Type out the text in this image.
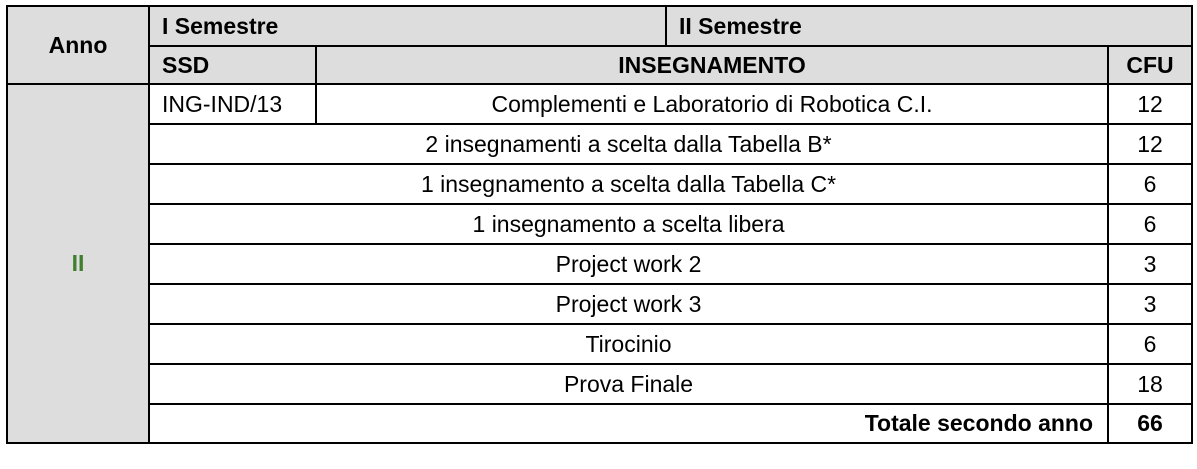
Anno	I Semestre		II Semestre	
	SSD	INSEGNAMENTO		CFU
II	ING-IND/13	Complementi e Laboratorio di Robotica C.I.		12
	2 insegnamenti a scelta dalla Tabella B*			12
	1 insegnamento a scelta dalla Tabella C*			6
	1 insegnamento a scelta libera			6
	Project work 2			3
	Project work 3			3
	Tirocinio			6
	Prova Finale			18
	Totale secondo anno			66
